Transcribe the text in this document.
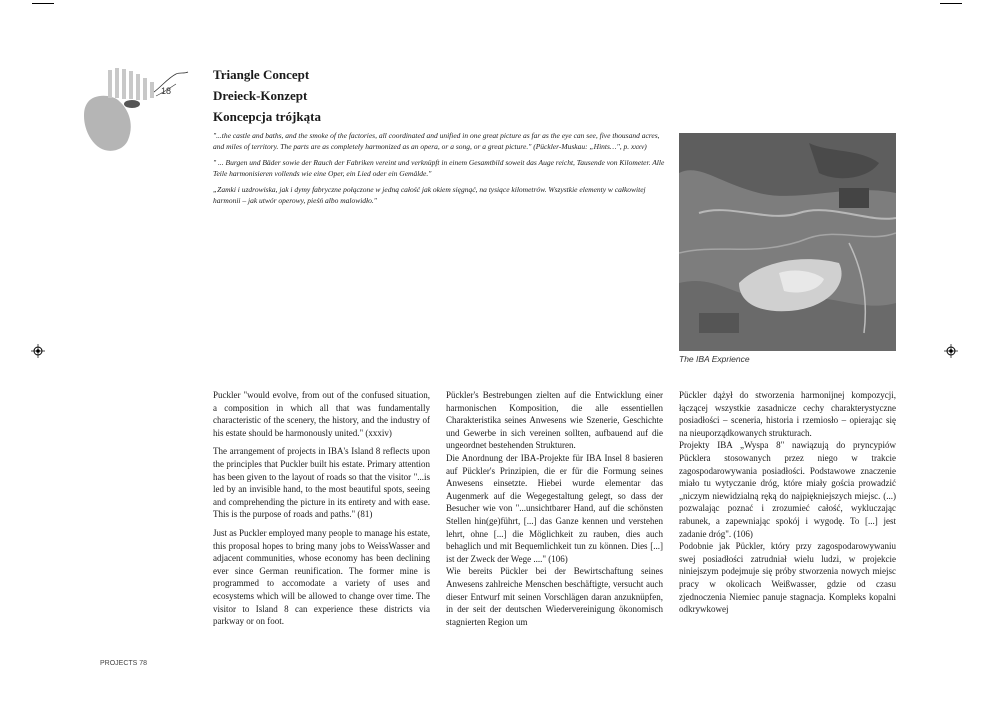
18
Triangle Concept
Dreieck-Konzept
Koncepcja trójkąta

"...the castle and baths, and the smoke of the factories, all coordinated and unified in one great picture as far as the eye can see, five thousand acres, and miles of territory. The parts are as completely harmonized as an opera, or a song, or a great picture." (Pückler-Muskau: „Hints…", p. xxxv)

" ... Burgen und Bäder sowie der Rauch der Fabriken vereint und verknüpft in einem Gesamtbild soweit das Auge reicht, Tausende von Kilometer. Alle Teile harmonisieren vollends wie eine Oper, ein Lied oder ein Gemälde."

„Zamki i uzdrowiska, jak i dymy fabryczne połączone w jedną całość jak okiem sięgnąć, na tysiące kilometrów. Wszystkie elementy w całkowitej harmonii – jak utwór operowy, pieśń albo malowidło."

The IBA Exprience

Puckler "would evolve, from out of the confused situation, a composition in which all that was fundamentally characteristic of the scenery, the history, and the industry of his estate should be harmonously united." (xxxiv)

The arrangement of projects in IBA's Island 8 reflects upon the principles that Puckler built his estate. Primary attention has been given to the layout of roads so that the visitor "...is led by an invisible hand, to the most beautiful spots, seeing and comprehending the picture in its entirety and with ease. This is the purpose of roads and paths." (81)

Just as Puckler employed many people to manage his estate, this proposal hopes to bring many jobs to WeissWasser and adjacent communities, whose economy has been declining ever since German reunification. The former mine is programmed to accomodate a variety of uses and ecosystems which will be allowed to change over time. The visitor to Island 8 can experience these districts via parkway or on foot.

Pückler's Bestrebungen zielten auf die Entwicklung einer harmonischen Komposition, die alle essentiellen Charakteristika seines Anwesens wie Szenerie, Geschichte und Gewerbe in sich vereinen sollten, aufbauend auf die ungeordnet bestehenden Strukturen.

Die Anordnung der IBA-Projekte für IBA Insel 8 basieren auf Pückler's Prinzipien, die er für die Formung seines Anwesens einsetzte. Hiebei wurde elementar das Augenmerk auf die Wegegestaltung gelegt, so dass der Besucher wie von "...unsichtbarer Hand, auf die schönsten Stellen hin(ge)führt, [...] das Ganze kennen und verstehen lehrt, ohne [...] die Möglichkeit zu rauben, dies auch behaglich und mit Bequemlichkeit tun zu können. Dies [...] ist der Zweck der Wege ...." (106)

Wie bereits Pückler bei der Bewirtschaftung seines Anwesens zahlreiche Menschen beschäftigte, versucht auch dieser Entwurf mit seinen Vorschlägen daran anzuknüpfen, in der seit der deutschen Wiedervereinigung ökonomisch stagnierten Region um

Pückler dążył do stworzenia harmonijnej kompozycji, łączącej wszystkie zasadnicze cechy charakterystyczne posiadłości – sceneria, historia i rzemiosło – opierając się na nieuporządkowanych strukturach.

Projekty IBA „Wyspa 8" nawiązują do pryncypiów Pücklera stosowanych przez niego w trakcie zagospodarowywania posiadłości. Podstawowe znaczenie miało tu wytyczanie dróg, które miały gościa prowadzić „niczym niewidzialną ręką do najpiękniejszych miejsc. (...) pozwalając poznać i zrozumieć całość, wykluczając rabunek, a zapewniając spokój i wygodę. To [...] jest zadanie dróg". (106)

Podobnie jak Pückler, który przy zagospodarowywaniu swej posiadłości zatrudniał wielu ludzi, w projekcie niniejszym podejmuje się próby stworzenia nowych miejsc pracy w okolicach Weißwasser, gdzie od czasu zjednoczenia Niemiec panuje stagnacja. Kompleks kopalni odkrywkowej

PROJECTS 78
